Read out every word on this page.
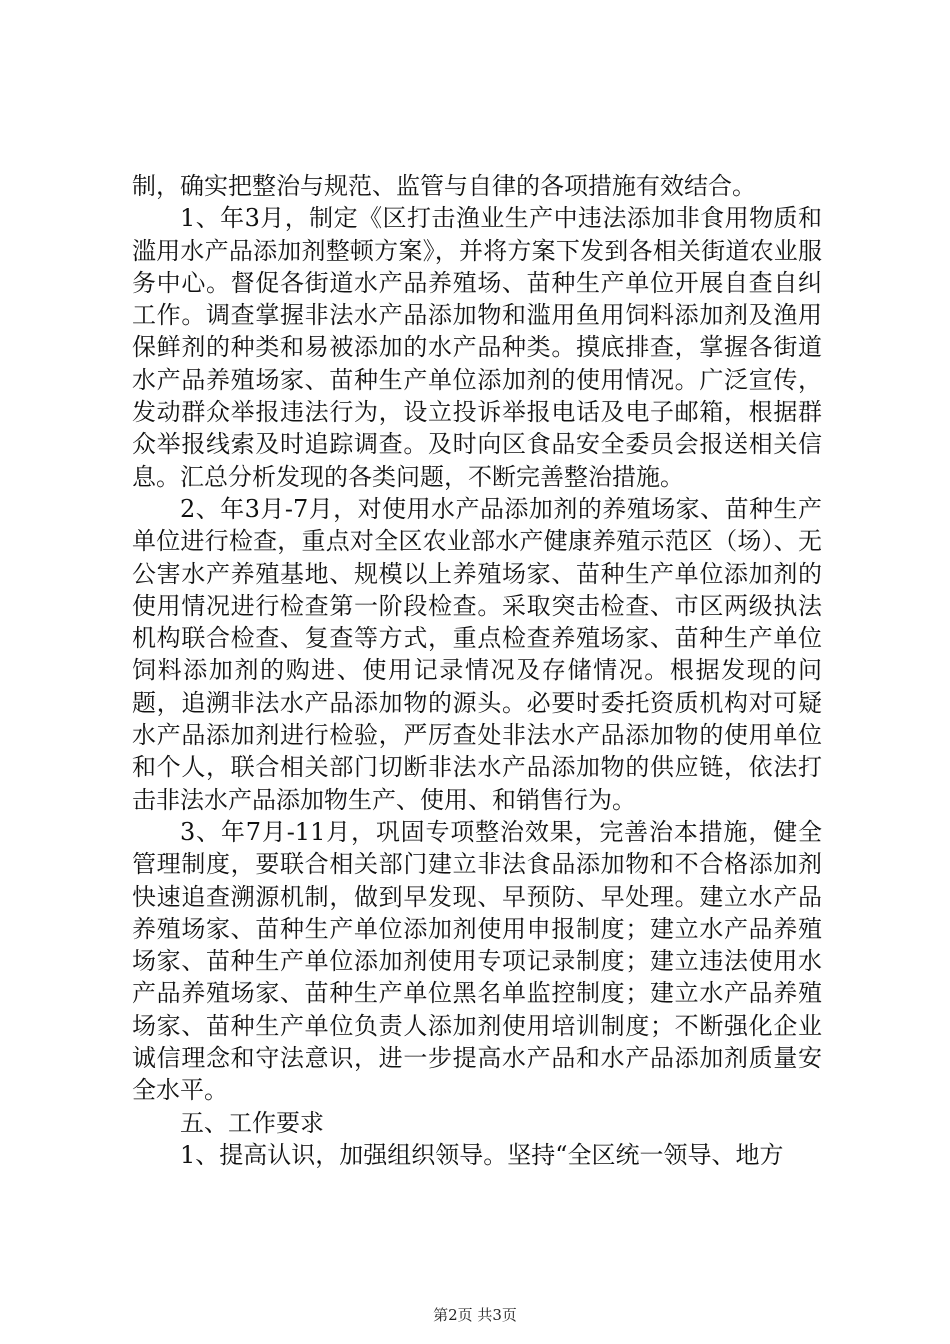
制，确实把整治与规范、监管与自律的各项措施有效结合。

1、年3月，制定《区打击渔业生产中违法添加非食用物质和滥用水产品添加剂整顿方案》，并将方案下发到各相关街道农业服务中心。督促各街道水产品养殖场、苗种生产单位开展自查自纠工作。调查掌握非法水产品添加物和滥用鱼用饲料添加剂及渔用保鲜剂的种类和易被添加的水产品种类。摸底排查，掌握各街道水产品养殖场家、苗种生产单位添加剂的使用情况。广泛宣传，发动群众举报违法行为，设立投诉举报电话及电子邮箱，根据群众举报线索及时追踪调查。及时向区食品安全委员会报送相关信息。汇总分析发现的各类问题，不断完善整治措施。

2、年3月-7月，对使用水产品添加剂的养殖场家、苗种生产单位进行检查，重点对全区农业部水产健康养殖示范区（场）、无公害水产养殖基地、规模以上养殖场家、苗种生产单位添加剂的使用情况进行检查第一阶段检查。采取突击检查、市区两级执法机构联合检查、复查等方式，重点检查养殖场家、苗种生产单位饲料添加剂的购进、使用记录情况及存储情况。根据发现的问题，追溯非法水产品添加物的源头。必要时委托资质机构对可疑水产品添加剂进行检验，严厉查处非法水产品添加物的使用单位和个人，联合相关部门切断非法水产品添加物的供应链，依法打击非法水产品添加物生产、使用、和销售行为。

3、年7月-11月，巩固专项整治效果，完善治本措施，健全管理制度，要联合相关部门建立非法食品添加物和不合格添加剂快速追查溯源机制，做到早发现、早预防、早处理。建立水产品养殖场家、苗种生产单位添加剂使用申报制度；建立水产品养殖场家、苗种生产单位添加剂使用专项记录制度；建立违法使用水产品养殖场家、苗种生产单位黑名单监控制度；建立水产品养殖场家、苗种生产单位负责人添加剂使用培训制度；不断强化企业诚信理念和守法意识，进一步提高水产品和水产品添加剂质量安全水平。

五、工作要求

1、提高认识，加强组织领导。坚持“全区统一领导、地方

第2页 共3页
